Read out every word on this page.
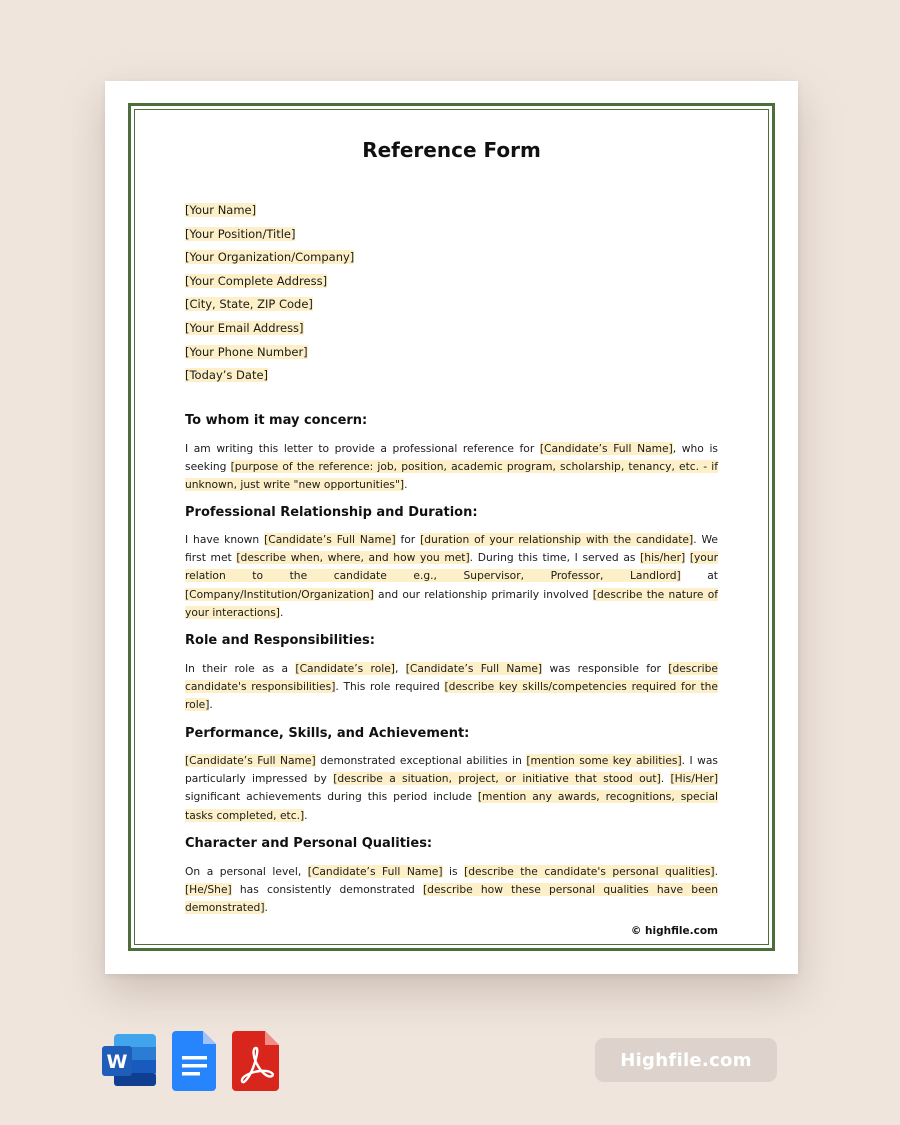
Reference Form
[Your Name]
[Your Position/Title]
[Your Organization/Company]
[Your Complete Address]
[City, State, ZIP Code]
[Your Email Address]
[Your Phone Number]
[Today’s Date]
To whom it may concern:

I am writing this letter to provide a professional reference for [Candidate’s Full Name], who is seeking [purpose of the reference: job, position, academic program, scholarship, tenancy, etc. - if unknown, just write "new opportunities"].

Professional Relationship and Duration:

I have known [Candidate’s Full Name] for [duration of your relationship with the candidate]. We first met [describe when, where, and how you met]. During this time, I served as [his/her] [your relation to the candidate e.g., Supervisor, Professor, Landlord] at [Company/Institution/Organization] and our relationship primarily involved [describe the nature of your interactions].

Role and Responsibilities:

In their role as a [Candidate’s role], [Candidate’s Full Name] was responsible for [describe candidate's responsibilities]. This role required [describe key skills/competencies required for the role].

Performance, Skills, and Achievement:

[Candidate’s Full Name] demonstrated exceptional abilities in [mention some key abilities]. I was particularly impressed by [describe a situation, project, or initiative that stood out]. [His/Her] significant achievements during this period include [mention any awards, recognitions, special tasks completed, etc.].

Character and Personal Qualities:

On a personal level, [Candidate’s Full Name] is [describe the candidate's personal qualities]. [He/She] has consistently demonstrated [describe how these personal qualities have been demonstrated].

© highfile.com
W	Highfile.com
